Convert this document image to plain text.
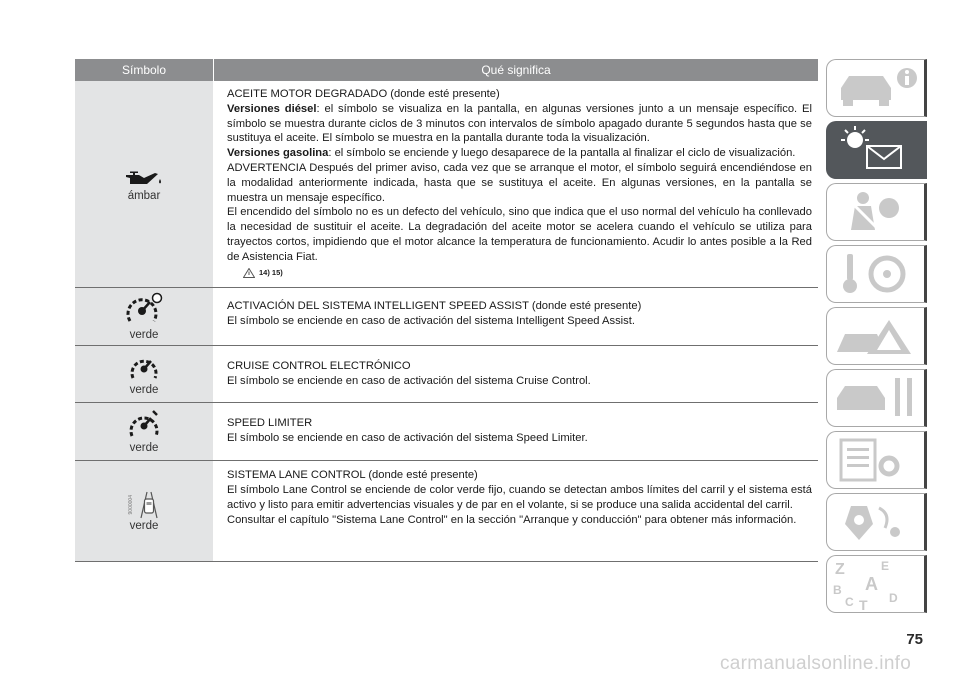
Símbolo	Qué significa
ámbar

ACEITE MOTOR DEGRADADO (donde esté presente)

Versiones diésel: el símbolo se visualiza en la pantalla, en algunas versiones junto a un mensaje específico. El símbolo se muestra durante ciclos de 3 minutos con intervalos de símbolo apagado durante 5 segundos hasta que se sustituya el aceite. El símbolo se muestra en la pantalla durante toda la visualización.

Versiones gasolina: el símbolo se enciende y luego desaparece de la pantalla al finalizar el ciclo de visualización.

ADVERTENCIA Después del primer aviso, cada vez que se arranque el motor, el símbolo seguirá encendiéndose en la modalidad anteriormente indicada, hasta que se sustituya el aceite. En algunas versiones, en la pantalla se muestra un mensaje específico.

El encendido del símbolo no es un defecto del vehículo, sino que indica que el uso normal del vehículo ha conllevado la necesidad de sustituir el aceite. La degradación del aceite motor se acelera cuando el vehículo se utiliza para trayectos cortos, impidiendo que el motor alcance la temperatura de funcionamiento. Acudir lo antes posible a la Red de Asistencia Fiat.

14) 15)
verde

ACTIVACIÓN DEL SISTEMA INTELLIGENT SPEED ASSIST (donde esté presente)

El símbolo se enciende en caso de activación del sistema Intelligent Speed Assist.

verde

CRUISE CONTROL ELECTRÓNICO

El símbolo se enciende en caso de activación del sistema Cruise Control.

verde

SPEED LIMITER

El símbolo se enciende en caso de activación del sistema Speed Limiter.

9000004
verde

SISTEMA LANE CONTROL (donde esté presente)

El símbolo Lane Control se enciende de color verde fijo, cuando se detectan ambos límites del carril y el sistema está activo y listo para emitir advertencias visuales y de par en el volante, si se produce una salida accidental del carril.

Consultar el capítulo "Sistema Lane Control" en la sección "Arranque y conducción" para obtener más información.

Z	E
A
B
C T D
75
carmanualsonline.info
